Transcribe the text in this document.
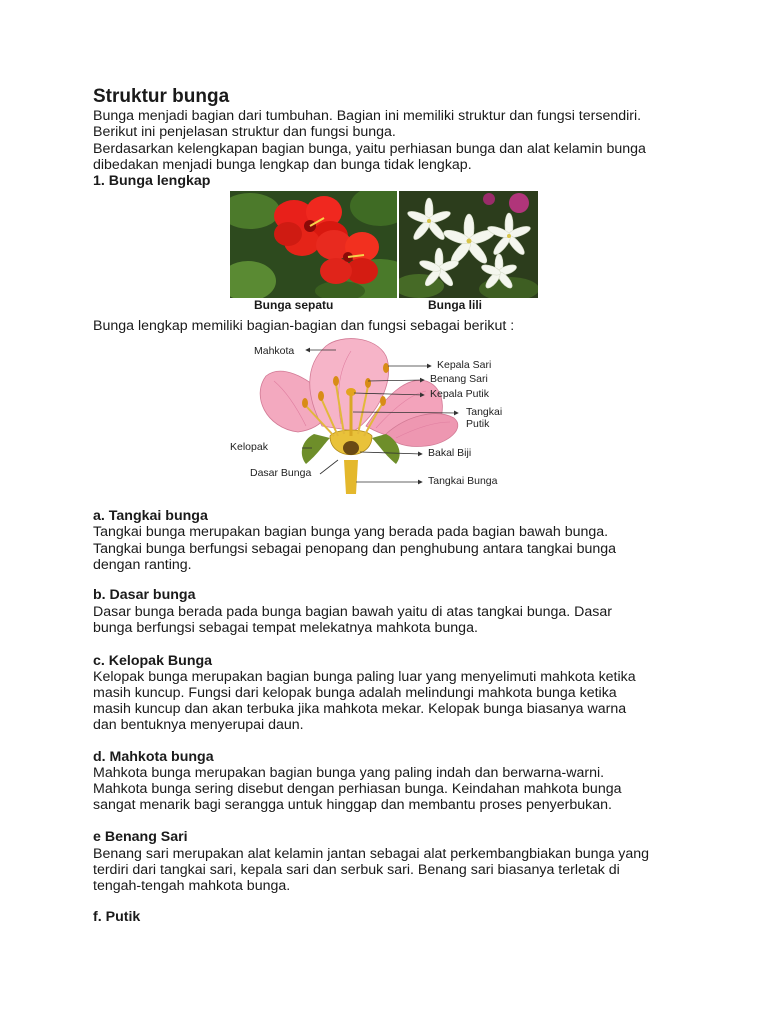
Struktur bunga
Bunga menjadi bagian dari tumbuhan. Bagian ini memiliki struktur dan fungsi tersendiri.
Berikut ini penjelasan struktur dan fungsi bunga.
Berdasarkan kelengkapan bagian bunga, yaitu perhiasan bunga dan alat kelamin bunga
dibedakan menjadi bunga lengkap dan bunga tidak lengkap.
1. Bunga lengkap
Bunga sepatu	Bunga lili
Bunga lengkap memiliki bagian-bagian dan fungsi sebagai berikut :
Mahkota
Kepala Sari
Benang Sari
Kepala Putik
Tangkai Putik
Kelopak	Bakal Biji
Dasar Bunga
Tangkai Bunga
a. Tangkai bunga
Tangkai bunga merupakan bagian bunga yang berada pada bagian bawah bunga.
Tangkai bunga berfungsi sebagai penopang dan penghubung antara tangkai bunga
dengan ranting.
b. Dasar bunga
Dasar bunga berada pada bunga bagian bawah yaitu di atas tangkai bunga. Dasar
bunga berfungsi sebagai tempat melekatnya mahkota bunga.
c. Kelopak Bunga
Kelopak bunga merupakan bagian bunga paling luar yang menyelimuti mahkota ketika
masih kuncup. Fungsi dari kelopak bunga adalah melindungi mahkota bunga ketika
masih kuncup dan akan terbuka jika mahkota mekar. Kelopak bunga biasanya warna
dan bentuknya menyerupai daun.
d. Mahkota bunga
Mahkota bunga merupakan bagian bunga yang paling indah dan berwarna-warni.
Mahkota bunga sering disebut dengan perhiasan bunga. Keindahan mahkota bunga
sangat menarik bagi serangga untuk hinggap dan membantu proses penyerbukan.
e Benang Sari
Benang sari merupakan alat kelamin jantan sebagai alat perkembangbiakan bunga yang
terdiri dari tangkai sari, kepala sari dan serbuk sari. Benang sari biasanya terletak di
tengah-tengah mahkota bunga.
f. Putik
